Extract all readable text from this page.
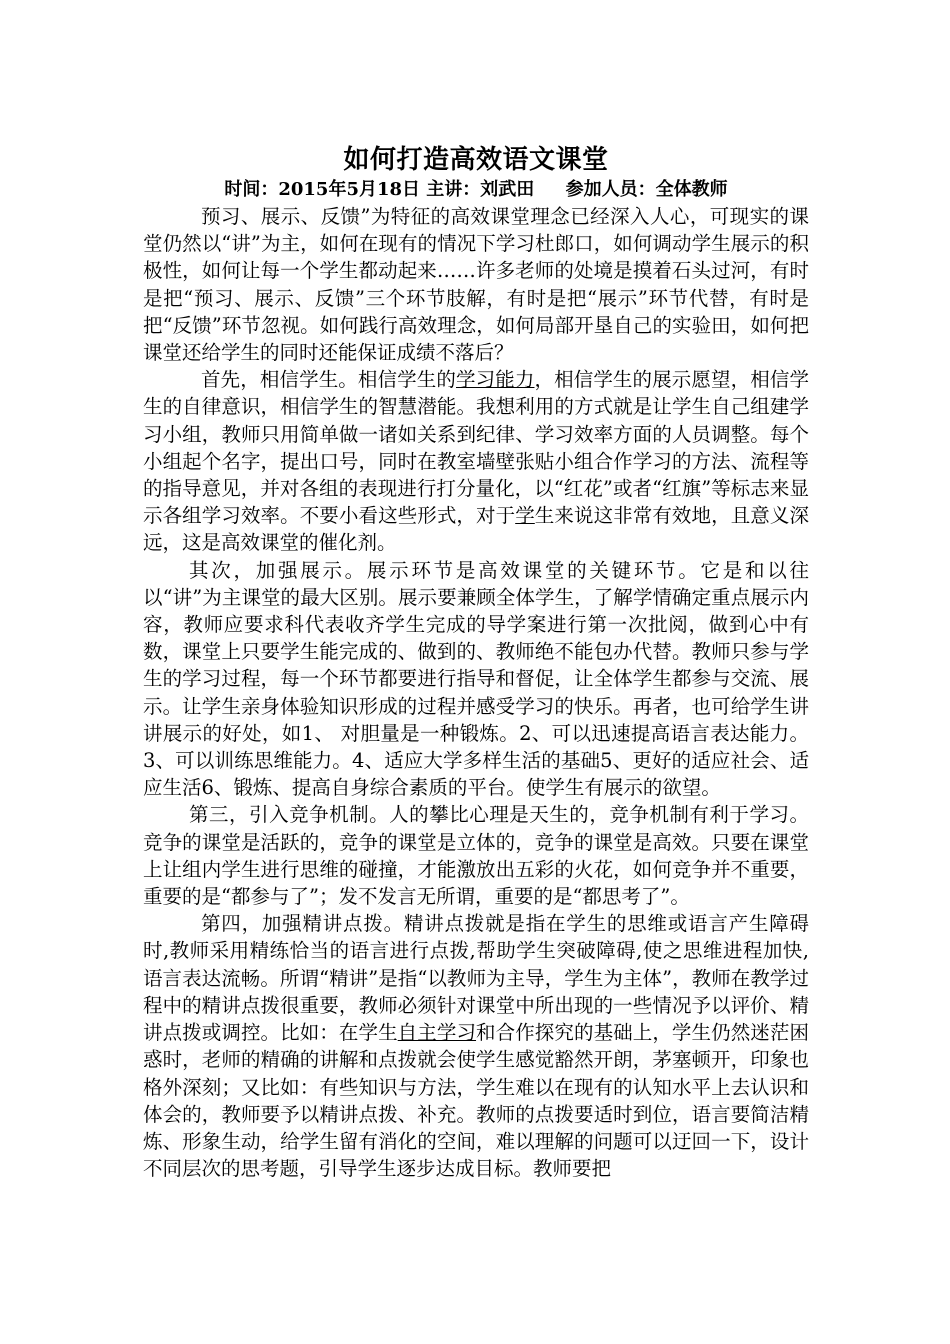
如何打造高效语文课堂
时间：2015年5月18日 主讲：刘武田     参加人员：全体教师

预习、展示、反馈”为特征的高效课堂理念已经深入人心，可现实的课堂仍然以“讲”为主，如何在现有的情况下学习杜郎口，如何调动学生展示的积极性，如何让每一个学生都动起来……许多老师的处境是摸着石头过河，有时是把“预习、展示、反馈”三个环节肢解，有时是把“展示”环节代替，有时是把“反馈”环节忽视。如何践行高效理念，如何局部开垦自己的实验田，如何把课堂还给学生的同时还能保证成绩不落后？

首先，相信学生。相信学生的学习能力，相信学生的展示愿望，相信学生的自律意识，相信学生的智慧潜能。我想利用的方式就是让学生自己组建学习小组，教师只用简单做一诸如关系到纪律、学习效率方面的人员调整。每个小组起个名字，提出口号，同时在教室墙壁张贴小组合作学习的方法、流程等的指导意见，并对各组的表现进行打分量化，以“红花”或者“红旗”等标志来显示各组学习效率。不要小看这些形式，对于学生来说这非常有效地，且意义深远，这是高效课堂的催化剂。

其次，加强展示。展示环节是高效课堂的关键环节。它是和以往以“讲”为主课堂的最大区别。展示要兼顾全体学生，了解学情确定重点展示内容，教师应要求科代表收齐学生完成的导学案进行第一次批阅，做到心中有数，课堂上只要学生能完成的、做到的、教师绝不能包办代替。教师只参与学生的学习过程，每一个环节都要进行指导和督促，让全体学生都参与交流、展示。让学生亲身体验知识形成的过程并感受学习的快乐。再者，也可给学生讲讲展示的好处，如1、 对胆量是一种锻炼。2、可以迅速提高语言表达能力。3、可以训练思维能力。4、适应大学多样生活的基础5、更好的适应社会、适应生活6、锻炼、提高自身综合素质的平台。使学生有展示的欲望。

第三，引入竞争机制。人的攀比心理是天生的，竞争机制有利于学习。竞争的课堂是活跃的，竞争的课堂是立体的，竞争的课堂是高效。只要在课堂上让组内学生进行思维的碰撞，才能激放出五彩的火花，如何竞争并不重要，重要的是“都参与了”；发不发言无所谓，重要的是“都思考了”。

第四，加强精讲点拨。精讲点拨就是指在学生的思维或语言产生障碍时,教师采用精练恰当的语言进行点拨,帮助学生突破障碍,使之思维进程加快,语言表达流畅。所谓“精讲”是指“以教师为主导，学生为主体”，教师在教学过程中的精讲点拨很重要，教师必须针对课堂中所出现的一些情况予以评价、精讲点拨或调控。比如：在学生自主学习和合作探究的基础上，学生仍然迷茫困惑时，老师的精确的讲解和点拨就会使学生感觉豁然开朗，茅塞顿开，印象也格外深刻；又比如：有些知识与方法，学生难以在现有的认知水平上去认识和体会的，教师要予以精讲点拨、补充。教师的点拨要适时到位，语言要简洁精炼、形象生动，给学生留有消化的空间，难以理解的问题可以迂回一下，设计不同层次的思考题，引导学生逐步达成目标。教师要把
